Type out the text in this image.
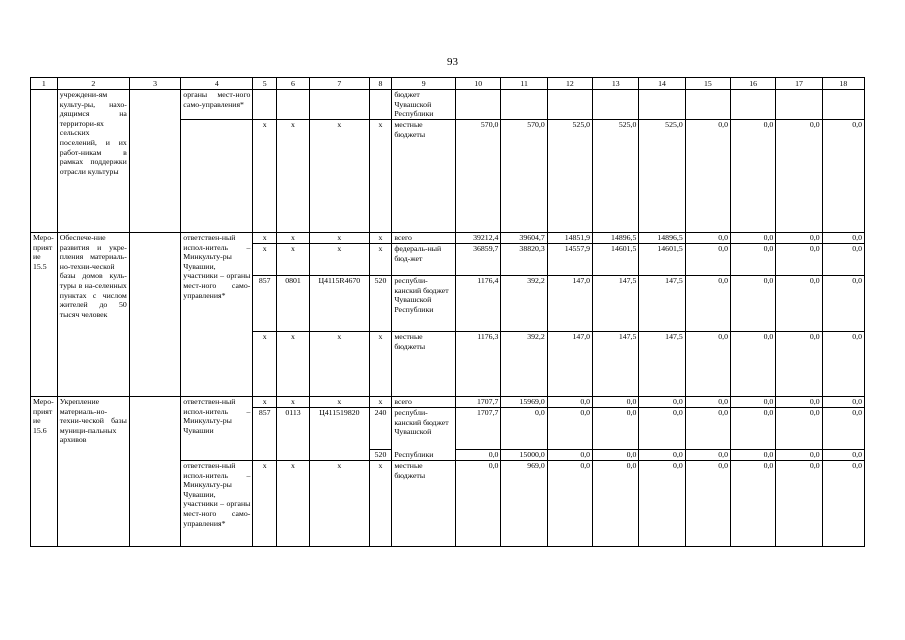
93
1	2	3	4	5	6	7	8	9	10	11	12	13	14	15	16	17	18
	учреждени-ям культу-ры, нахо-дящимся на территори-ях сельских поселений, и их работ-никам в рамках поддержки отрасли культуры		органы мест-ного само-управления*					бюджет Чувашской Республики									
				x	x	x	x	местные бюджеты	570,0	570,0	525,0	525,0	525,0	0,0	0,0	0,0	0,0
Меро-приятие 15.5	Обеспече-ние развития и укре-пления материаль-но-техни-ческой базы домов куль-туры в на-селенных пунктах с числом жителей до 50 тысяч человек		ответствен-ный испол-нитель – Минкульту-ры Чувашии, участники – органы мест-ного само-управления*	x	x	x	x	всего	39212,4	39604,7	14851,9	14896,5	14896,5	0,0	0,0	0,0	0,0
				x	x	x	x	федераль-ный бюд-жет	36859,7	38820,3	14557,9	14601,5	14601,5	0,0	0,0	0,0	0,0
				857	0801	Ц4115R4670	520	республи-канский бюджет Чувашской Республики	1176,4	392,2	147,0	147,5	147,5	0,0	0,0	0,0	0,0
				x	x	x	x	местные бюджеты	1176,3	392,2	147,0	147,5	147,5	0,0	0,0	0,0	0,0
Меро-приятие 15.6	Укрепление материаль-но-техни-ческой базы муници-пальных архивов		ответствен-ный испол-нитель – Минкульту-ры Чувашии	x	x	x	x	всего	1707,7	15969,0	0,0	0,0	0,0	0,0	0,0	0,0	0,0
				857	0113	Ц411519820	240	республи-канский бюджет Чувашской	1707,7	0,0	0,0	0,0	0,0	0,0	0,0	0,0	0,0
							520	Республики	0,0	15000,0	0,0	0,0	0,0	0,0	0,0	0,0	0,0
			ответствен-ный испол-нитель – Минкульту-ры Чувашии, участники – органы мест-ного само-управления*	x	x	x	x	местные бюджеты	0,0	969,0	0,0	0,0	0,0	0,0	0,0	0,0	0,0
